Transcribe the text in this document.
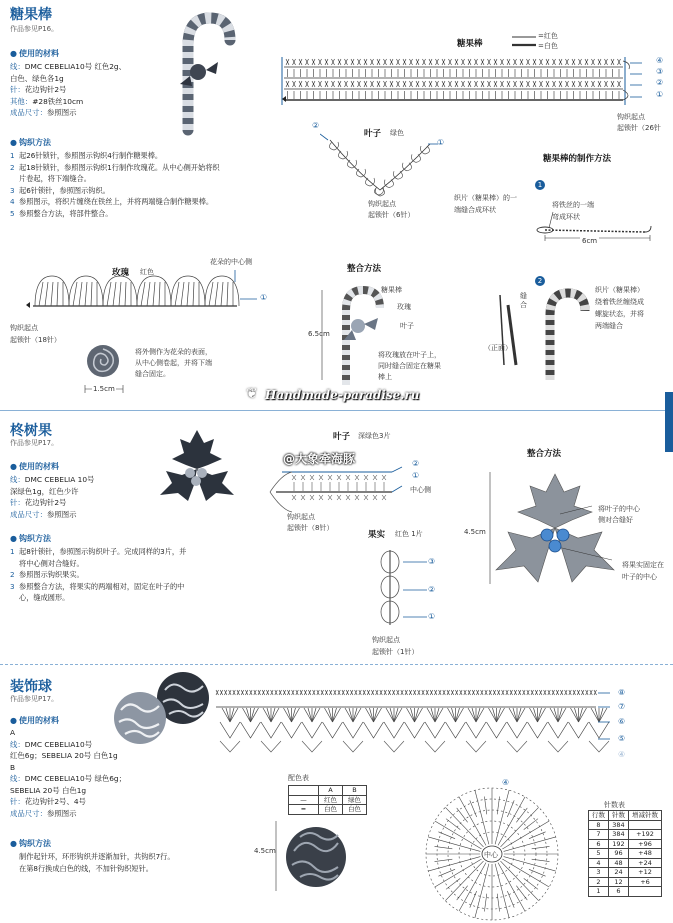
糖果棒
作品参见P16。
● 使用的材料
线：DMC CEBELIA10号 红色2g、
白色、绿色各1g
针：花边钩针2号
其他：#28铁丝10cm
成品尺寸：参照图示
● 钩织方法
1 起26针锁针，参照图示钩织4行制作糖果棒。
2 起18针锁针，参照图示钩织1行制作玫瑰花。从中心侧开始将织
片卷起，将下端缝合。
3 起6针锁针，参照图示钩织。
4 参照图示，将织片缠绕在铁丝上，并将两端缝合制作糖果棒。
5 参照整合方法，将部件整合。
糖果棒
=红色
=白色
④
③
②
①
钩织起点
起锁针（26针
叶子 绿色
②
①
钩织起点
起锁针（6针）
糖果棒的制作方法
1
织片（糖果棒）的一
端缝合成环状
将铁丝的一端
弯成环状
6cm
2
织片（糖果棒）
绕着铁丝缠绕成
螺旋状态，并将
两端缝合
缝合
（正面）
玫瑰 红色
花朵的中心侧
①
钩织起点
起锁针（18针）
将外侧作为花朵的表面，
从中心侧卷起，并将下端
缝合固定。
1.5cm
整合方法
糖果棒
玫瑰
叶子
6.5cm
将玫瑰放在叶子上，
同时缝合固定在糖果
棒上
Handmade-paradise.ru
❦
柊树果
作品参见P17。
● 使用的材料
线：DMC CEBELIA 10号
深绿色1g，红色少许
针：花边钩针2号
成品尺寸：参照图示
● 钩织方法
1 起8针锁针，参照图示钩织叶子。完成同样的3片，并
将中心侧对合缝好。
2 参照图示钩织果实。
3 参照整合方法，将果实的两端相对，固定在叶子的中
心，缝成圆形。
叶子 深绿色3片
@大象牵海豚	②
①
中心侧
钩织起点
起锁针（8针）
果实 红色 1片
③
②
①
钩织起点
起锁针（1针）
整合方法
4.5cm
将叶子的中心
侧对合缝好
将果实固定在
叶子的中心
装饰球
作品参见P17。
● 使用的材料
A
线：DMC CEBELIA10号
红色6g；SEBELIA 20号 白色1g
B
线：DMC CEBELIA10号 绿色6g；
SEBELIA 20号 白色1g
针：花边钩针2号、4号
成品尺寸：参照图示
● 钩织方法
制作起针环，环形钩织并逐渐加针，共钩织7行。
在第8行换成白色的线，不加针钩织短针。
⑧
⑦
⑥
⑤
④
配色表
	A	B
—	红色	绿色
━	白色	白色
4.5cm	中心
④
针数表
行数	针数	增减针数
8	384	
7	384	+192
6	192	+96
5	96	+48
4	48	+24
3	24	+12
2	12	+6
1	6	
